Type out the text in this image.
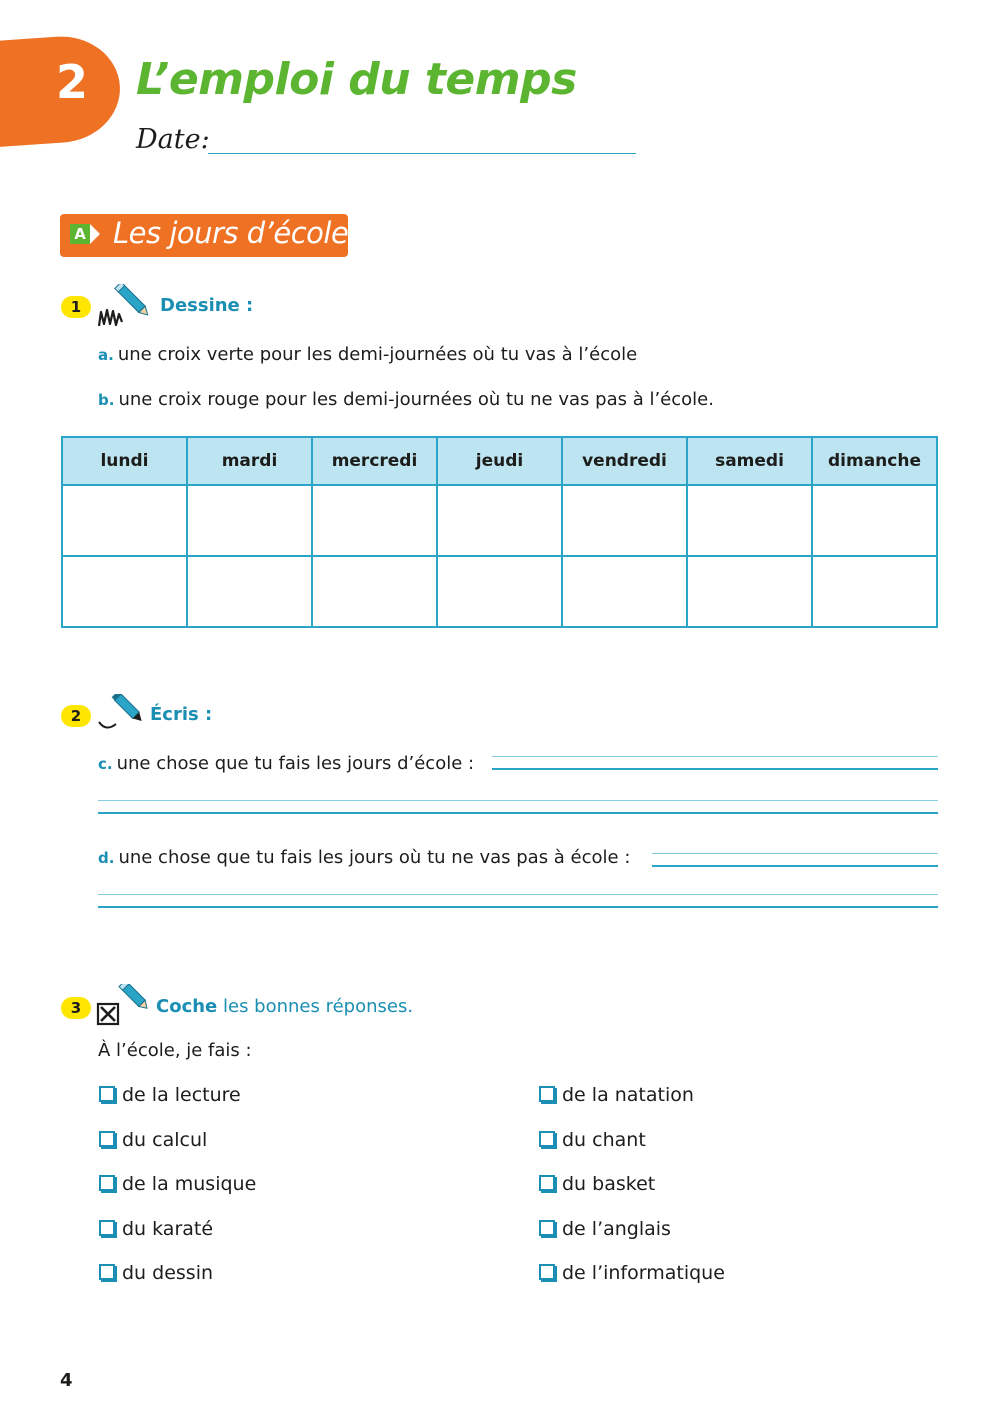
2 L’emploi du temps
Date:
A Les jours d’école
1	Dessine :
a. une croix verte pour les demi-journées où tu vas à l’école
b. une croix rouge pour les demi-journées où tu ne vas pas à l’école.
lundi	mardi	mercredi	jeudi	vendredi	samedi	dimanche

2	Écris :
c. une chose que tu fais les jours d’école :
d. une chose que tu fais les jours où tu ne vas pas à école :
3	Coche les bonnes réponses.
À l’école, je fais :
de la lecture
du calcul
de la musique
du karaté
du dessin
de la natation
du chant
du basket
de l’anglais
de l’informatique
4
